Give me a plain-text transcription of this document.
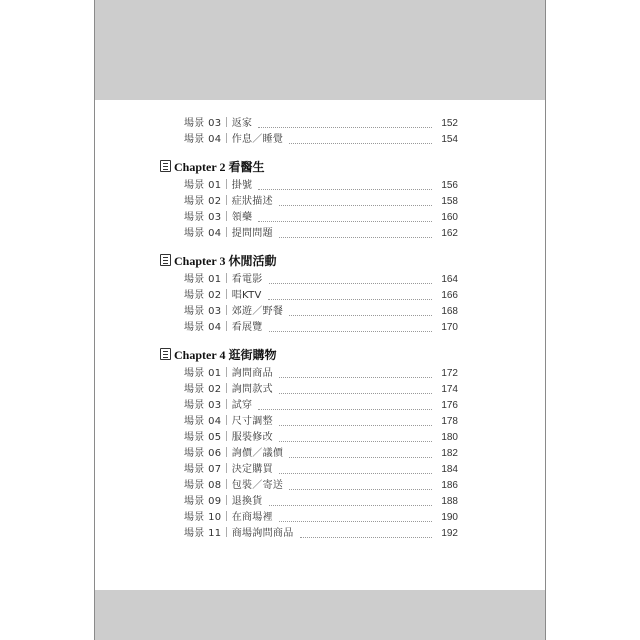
場景 03｜返家	152
場景 04｜作息／睡覺	154
Chapter 2 看醫生
場景 01｜掛號	156
場景 02｜症狀描述	158
場景 03｜領藥	160
場景 04｜提問問題	162
Chapter 3 休閒活動
場景 01｜看電影	164
場景 02｜唱KTV	166
場景 03｜郊遊／野餐	168
場景 04｜看展覽	170
Chapter 4 逛街購物
場景 01｜詢問商品	172
場景 02｜詢問款式	174
場景 03｜試穿	176
場景 04｜尺寸調整	178
場景 05｜服裝修改	180
場景 06｜詢價／議價	182
場景 07｜決定購買	184
場景 08｜包裝／寄送	186
場景 09｜退換貨	188
場景 10｜在商場裡	190
場景 11｜商場詢問商品	192
